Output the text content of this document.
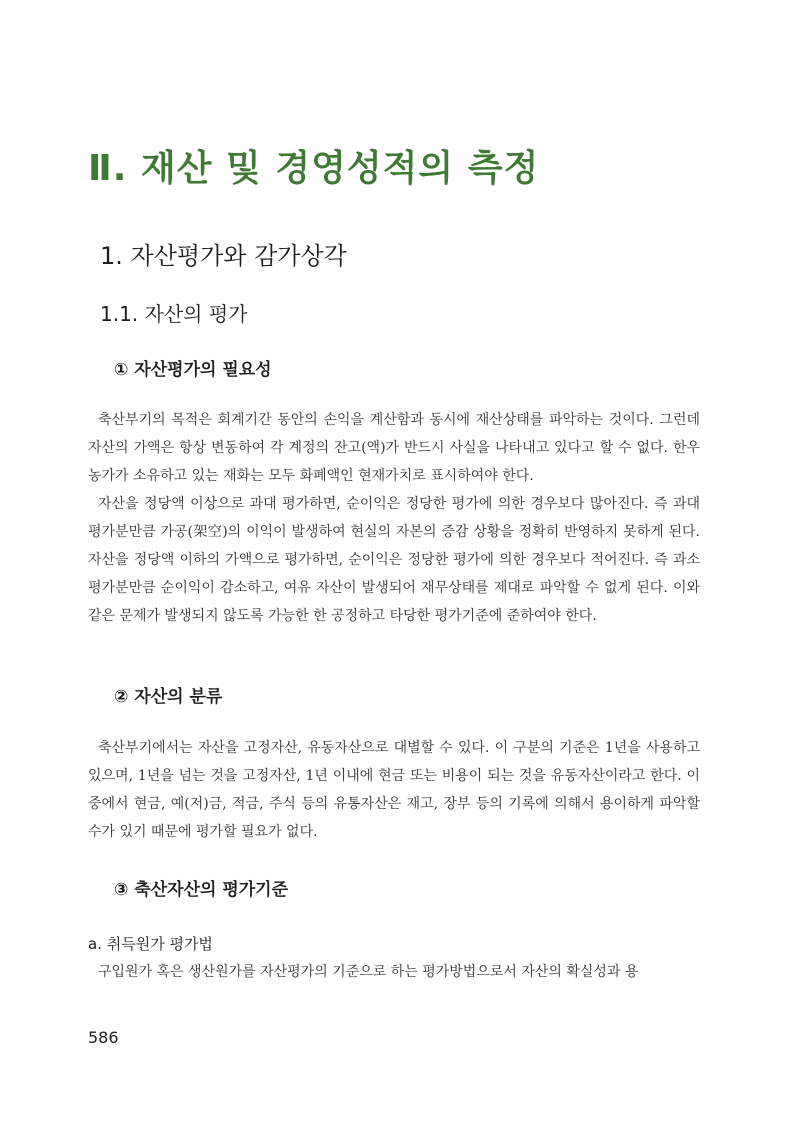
Ⅱ. 재산 및 경영성적의 측정
1. 자산평가와 감가상각
1.1. 자산의 평가
① 자산평가의 필요성

축산부기의 목적은 회계기간 동안의 손익을 계산함과 동시에 재산상태를 파악하는 것이다. 그런데 자산의 가액은 항상 변동하여 각 계정의 잔고(액)가 반드시 사실을 나타내고 있다고 할 수 없다. 한우농가가 소유하고 있는 재화는 모두 화폐액인 현재가치로 표시하여야 한다.

자산을 정당액 이상으로 과대 평가하면, 순이익은 정당한 평가에 의한 경우보다 많아진다. 즉 과대 평가분만큼 가공(架空)의 이익이 발생하여 현실의 자본의 증감 상황을 정확히 반영하지 못하게 된다. 자산을 정당액 이하의 가액으로 평가하면, 순이익은 정당한 평가에 의한 경우보다 적어진다. 즉 과소평가분만큼 순이익이 감소하고, 여유 자산이 발생되어 재무상태를 제대로 파악할 수 없게 된다. 이와 같은 문제가 발생되지 않도록 가능한 한 공정하고 타당한 평가기준에 준하여야 한다.

② 자산의 분류

축산부기에서는 자산을 고정자산, 유동자산으로 대별할 수 있다. 이 구분의 기준은 1년을 사용하고 있으며, 1년을 넘는 것을 고정자산, 1년 이내에 현금 또는 비용이 되는 것을 유동자산이라고 한다. 이 중에서 현금, 예(저)금, 적금, 주식 등의 유통자산은 재고, 장부 등의 기록에 의해서 용이하게 파악할 수가 있기 때문에 평가할 필요가 없다.

③ 축산자산의 평가기준
a. 취득원가 평가법

구입원가 혹은 생산원가를 자산평가의 기준으로 하는 평가방법으로서 자산의 확실성과 용

586
